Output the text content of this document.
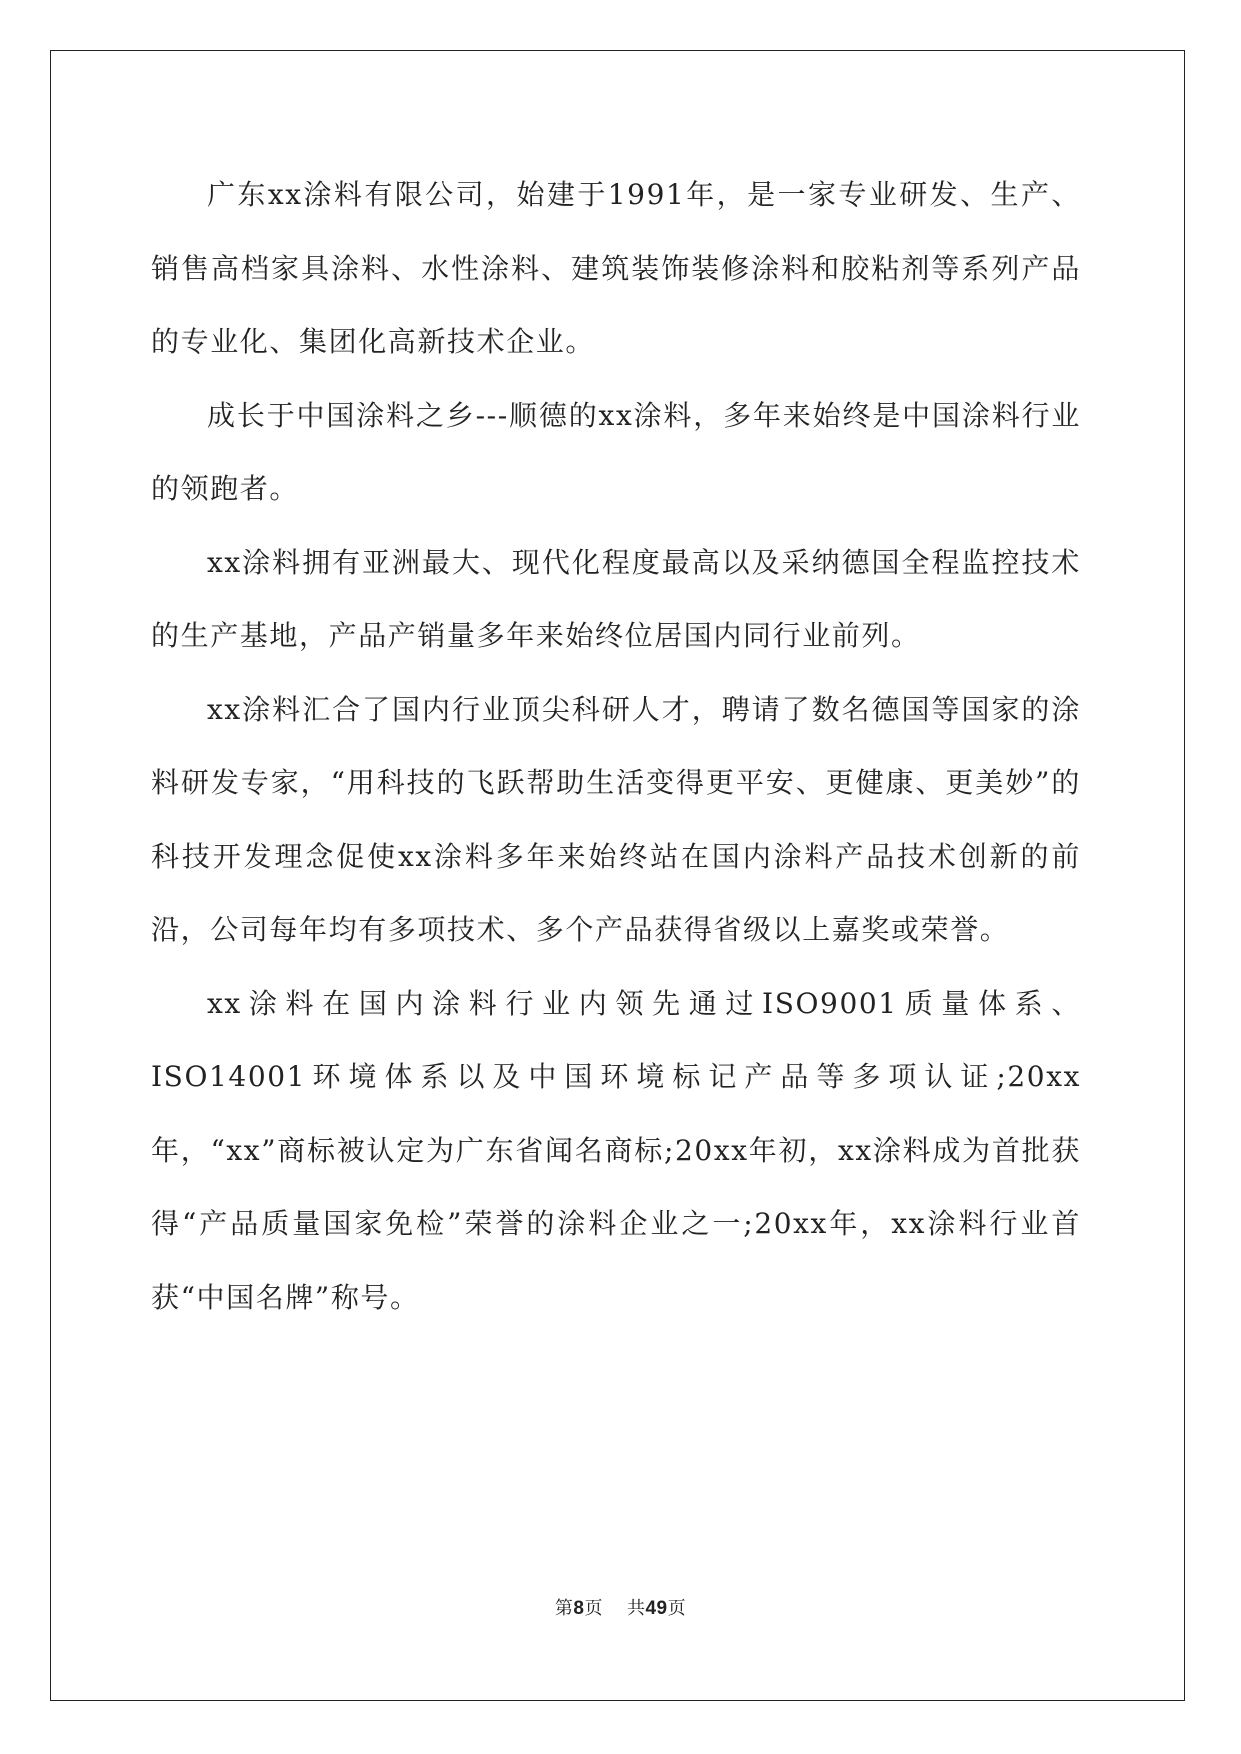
广东xx涂料有限公司，始建于1991年，是一家专业研发、生产、销售高档家具涂料、水性涂料、建筑装饰装修涂料和胶粘剂等系列产品的专业化、集团化高新技术企业。

成长于中国涂料之乡---顺德的xx涂料，多年来始终是中国涂料行业的领跑者。

xx涂料拥有亚洲最大、现代化程度最高以及采纳德国全程监控技术的生产基地，产品产销量多年来始终位居国内同行业前列。

xx涂料汇合了国内行业顶尖科研人才，聘请了数名德国等国家的涂料研发专家，“用科技的飞跃帮助生活变得更平安、更健康、更美妙”的科技开发理念促使xx涂料多年来始终站在国内涂料产品技术创新的前沿，公司每年均有多项技术、多个产品获得省级以上嘉奖或荣誉。

xx涂料在国内涂料行业内领先通过ISO9001质量体系、ISO14001环境体系以及中国环境标记产品等多项认证;20xx年，“xx”商标被认定为广东省闻名商标;20xx年初，xx涂料成为首批获得“产品质量国家免检”荣誉的涂料企业之一;20xx年，xx涂料行业首获“中国名牌”称号。

第8页 共49页
